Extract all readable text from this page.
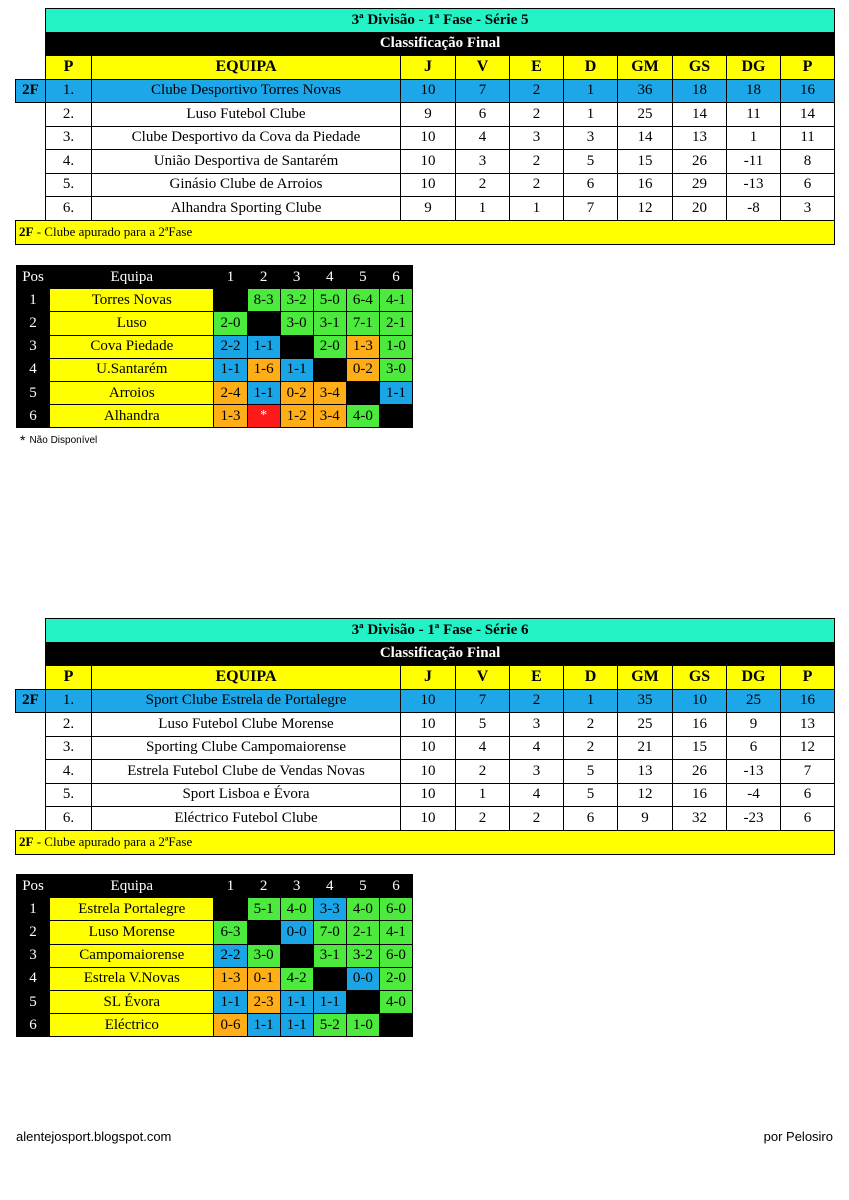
	3ª Divisão - 1ª Fase - Série 5									
	Classificação Final									
	P	EQUIPA	J	V	E	D	GM	GS	DG	P
2F	1.	Clube Desportivo Torres Novas	10	7	2	1	36	18	18	16
	2.	Luso Futebol Clube	9	6	2	1	25	14	11	14
	3.	Clube Desportivo da Cova da Piedade	10	4	3	3	14	13	1	11
	4.	União Desportiva de Santarém	10	3	2	5	15	26	-11	8
	5.	Ginásio Clube de Arroios	10	2	2	6	16	29	-13	6
	6.	Alhandra Sporting Clube	9	1	1	7	12	20	-8	3
2F - Clube apurado para a 2ªFase										
Pos	Equipa	1	2	3	4	5	6
1	Torres Novas		8-3	3-2	5-0	6-4	4-1
2	Luso	2-0		3-0	3-1	7-1	2-1
3	Cova Piedade	2-2	1-1		2-0	1-3	1-0
4	U.Santarém	1-1	1-6	1-1		0-2	3-0
5	Arroios	2-4	1-1	0-2	3-4		1-1
6	Alhandra	1-3	*	1-2	3-4	4-0	
* Não Disponível
	3ª Divisão - 1ª Fase - Série 6									
	Classificação Final									
	P	EQUIPA	J	V	E	D	GM	GS	DG	P
2F	1.	Sport Clube Estrela de Portalegre	10	7	2	1	35	10	25	16
	2.	Luso Futebol Clube Morense	10	5	3	2	25	16	9	13
	3.	Sporting Clube Campomaiorense	10	4	4	2	21	15	6	12
	4.	Estrela Futebol Clube de Vendas Novas	10	2	3	5	13	26	-13	7
	5.	Sport Lisboa e Évora	10	1	4	5	12	16	-4	6
	6.	Eléctrico Futebol Clube	10	2	2	6	9	32	-23	6
2F - Clube apurado para a 2ªFase										
Pos	Equipa	1	2	3	4	5	6
1	Estrela Portalegre		5-1	4-0	3-3	4-0	6-0
2	Luso Morense	6-3		0-0	7-0	2-1	4-1
3	Campomaiorense	2-2	3-0		3-1	3-2	6-0
4	Estrela V.Novas	1-3	0-1	4-2		0-0	2-0
5	SL Évora	1-1	2-3	1-1	1-1		4-0
6	Eléctrico	0-6	1-1	1-1	5-2	1-0	
alentejosport.blogspot.com	por Pelosiro
